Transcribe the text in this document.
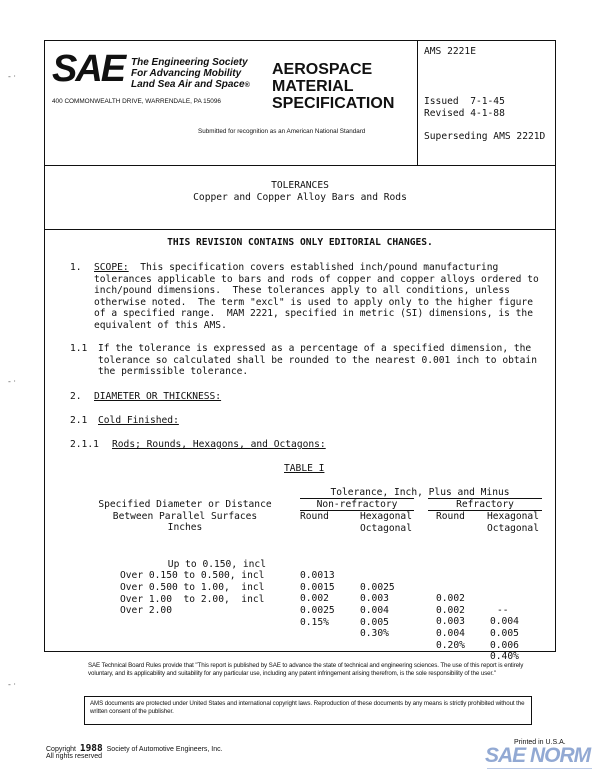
- ·
- ·
- ·
SAE The Engineering Society
For Advancing Mobility
Land Sea Air and Space®
400 COMMONWEALTH DRIVE, WARRENDALE, PA 15096
AEROSPACE
MATERIAL
SPECIFICATION
Submitted for recognition as an American National Standard
AMS 2221E
Issued  7-1-45
Revised 4-1-88
Superseding AMS 2221D
TOLERANCES
Copper and Copper Alloy Bars and Rods
THIS REVISION CONTAINS ONLY EDITORIAL CHANGES.
1. SCOPE: This specification covers established inch/pound manufacturing
tolerances applicable to bars and rods of copper and copper alloys ordered to
inch/pound dimensions.  These tolerances apply to all conditions, unless
otherwise noted.  The term "excl" is used to apply only to the higher figure
of a specified range.  MAM 2221, specified in metric (SI) dimensions, is the
equivalent of this AMS.
1.1 If the tolerance is expressed as a percentage of a specified dimension, the
tolerance so calculated shall be rounded to the nearest 0.001 inch to obtain
the permissible tolerance.
2. DIAMETER OR THICKNESS:
2.1 Cold Finished:
2.1.1 Rods; Rounds, Hexagons, and Octagons:
TABLE I
Tolerance, Inch, Plus and Minus
Non-refractory	Refractory
Round	Hexagonal
Octagonal
Round Hexagonal
Octagonal
Specified Diameter or Distance
Between Parallel Surfaces
Inches

Up to 0.150, incl

0.0013

0.0025

0.002

--

Over 0.150 to 0.500, incl

0.0015

0.003

0.002

0.004

Over 0.500 to 1.00,  incl

0.002

0.004

0.003

0.005

Over 1.00  to 2.00,  incl

0.0025

0.005

0.004

0.006

Over 2.00

0.15%

0.30%

0.20%

0.40%

SAE Technical Board Rules provide that "This report is published by SAE to advance the state of technical and engineering sciences. The use of this report is entirely voluntary, and its applicability and suitability for any particular use, including any patent infringement arising therefrom, is the sole responsibility of the user."
AMS documents are protected under United States and international copyright laws. Reproduction of these documents by any means is strictly prohibited without the written consent of the publisher.
Copyright 1988 Society of Automotive Engineers, Inc.
All rights reserved
Printed in U.S.A.
SAE NORM
